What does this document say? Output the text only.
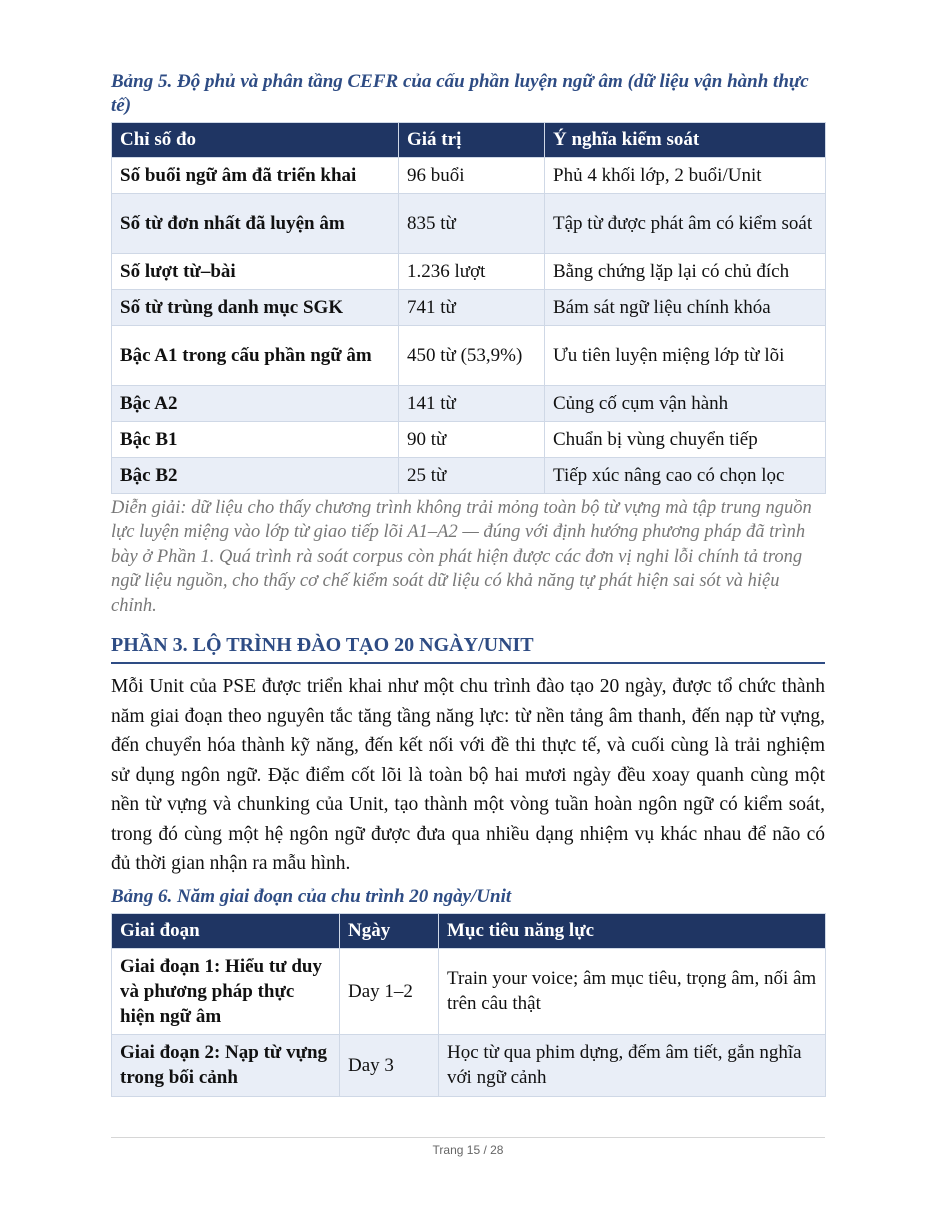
Bảng 5. Độ phủ và phân tầng CEFR của cấu phần luyện ngữ âm (dữ liệu vận hành thực tế)

Chỉ số đo	Giá trị	Ý nghĩa kiểm soát
Số buổi ngữ âm đã triển khai	96 buổi	Phủ 4 khối lớp, 2 buổi/Unit
Số từ đơn nhất đã luyện âm	835 từ	Tập từ được phát âm có kiểm soát
Số lượt từ–bài	1.236 lượt	Bằng chứng lặp lại có chủ đích
Số từ trùng danh mục SGK	741 từ	Bám sát ngữ liệu chính khóa
Bậc A1 trong cấu phần ngữ âm	450 từ (53,9%)	Ưu tiên luyện miệng lớp từ lõi
Bậc A2	141 từ	Củng cố cụm vận hành
Bậc B1	90 từ	Chuẩn bị vùng chuyển tiếp
Bậc B2	25 từ	Tiếp xúc nâng cao có chọn lọc

Diễn giải: dữ liệu cho thấy chương trình không trải mỏng toàn bộ từ vựng mà tập trung nguồn lực luyện miệng vào lớp từ giao tiếp lõi A1–A2 — đúng với định hướng phương pháp đã trình bày ở Phần 1. Quá trình rà soát corpus còn phát hiện được các đơn vị nghi lỗi chính tả trong ngữ liệu nguồn, cho thấy cơ chế kiểm soát dữ liệu có khả năng tự phát hiện sai sót và hiệu chỉnh.

PHẦN 3. LỘ TRÌNH ĐÀO TẠO 20 NGÀY/UNIT

Mỗi Unit của PSE được triển khai như một chu trình đào tạo 20 ngày, được tổ chức thành năm giai đoạn theo nguyên tắc tăng tầng năng lực: từ nền tảng âm thanh, đến nạp từ vựng, đến chuyển hóa thành kỹ năng, đến kết nối với đề thi thực tế, và cuối cùng là trải nghiệm sử dụng ngôn ngữ. Đặc điểm cốt lõi là toàn bộ hai mươi ngày đều xoay quanh cùng một nền từ vựng và chunking của Unit, tạo thành một vòng tuần hoàn ngôn ngữ có kiểm soát, trong đó cùng một hệ ngôn ngữ được đưa qua nhiều dạng nhiệm vụ khác nhau để não có đủ thời gian nhận ra mẫu hình.

Bảng 6. Năm giai đoạn của chu trình 20 ngày/Unit

Giai đoạn	Ngày	Mục tiêu năng lực
Giai đoạn 1: Hiểu tư duy và phương pháp thực hiện ngữ âm	Day 1–2	Train your voice; âm mục tiêu, trọng âm, nối âm trên câu thật
Giai đoạn 2: Nạp từ vựng trong bối cảnh	Day 3	Học từ qua phim dựng, đếm âm tiết, gắn nghĩa với ngữ cảnh
Trang 15 / 28
